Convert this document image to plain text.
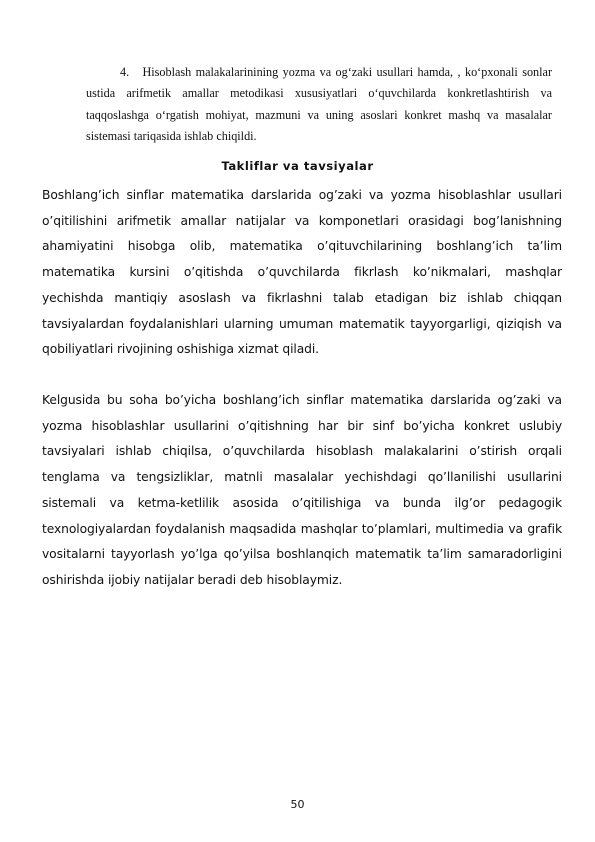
4. Hisoblash malakalarinining yozma va og‘zaki usullari hamda, , ko‘pxonali sonlar ustida arifmetik amallar metodikasi xususiyatlari o‘quvchilarda konkretlashtirish va taqqoslashga o‘rgatish mohiyat, mazmuni va uning asoslari konkret mashq va masalalar sistemasi tariqasida ishlab chiqildi.

Takliflar va tavsiyalar

Boshlang’ich sinflar matematika darslarida og’zaki va yozma hisoblashlar usullari o’qitilishini arifmetik amallar natijalar va komponetlari orasidagi bog’lanishning ahamiyatini hisobga olib, matematika o’qituvchilarining boshlang’ich ta’lim matematika kursini o’qitishda o’quvchilarda fikrlash ko’nikmalari, mashqlar yechishda mantiqiy asoslash va fikrlashni talab etadigan biz ishlab chiqqan tavsiyalardan foydalanishlari ularning umuman matematik tayyorgarligi, qiziqish va qobiliyatlari rivojining oshishiga xizmat qiladi.

Kelgusida bu soha bo’yicha boshlang’ich sinflar matematika darslarida og’zaki va yozma hisoblashlar usullarini o’qitishning har bir sinf bo’yicha konkret uslubiy tavsiyalari ishlab chiqilsa, o’quvchilarda hisoblash malakalarini o’stirish orqali tenglama va tengsizliklar, matnli masalalar yechishdagi qo’llanilishi usullarini sistemali va ketma-ketlilik asosida o’qitilishiga va bunda ilg’or pedagogik texnologiyalardan foydalanish maqsadida mashqlar to’plamlari, multimedia va grafik vositalarni tayyorlash yo’lga qo’yilsa boshlanqich matematik ta’lim samaradorligini oshirishda ijobiy natijalar beradi deb hisoblaymiz.

50
